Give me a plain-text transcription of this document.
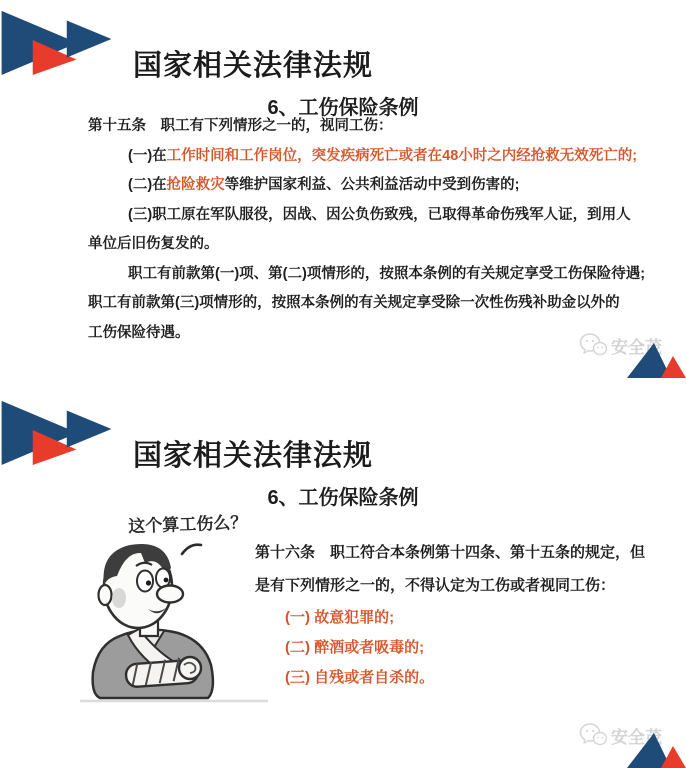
国家相关法律法规
6、工伤保险条例
第十五条　职工有下列情形之一的，视同工伤：
(一)在工作时间和工作岗位，突发疾病死亡或者在48小时之内经抢救无效死亡的;
(二)在抢险救灾等维护国家利益、公共利益活动中受到伤害的;
(三)职工原在军队服役，因战、因公负伤致残，已取得革命伤残军人证，到用人
单位后旧伤复发的。
职工有前款第(一)项、第(二)项情形的，按照本条例的有关规定享受工伤保险待遇;
职工有前款第(三)项情形的，按照本条例的有关规定享受除一次性伤残补助金以外的
工伤保险待遇。
安全茂
国家相关法律法规
6、工伤保险条例
这个算工伤么？
第十六条　职工符合本条例第十四条、第十五条的规定，但
是有下列情形之一的，不得认定为工伤或者视同工伤：
(一) 故意犯罪的;
(二) 醉酒或者吸毒的;
(三) 自残或者自杀的。
安全茂
